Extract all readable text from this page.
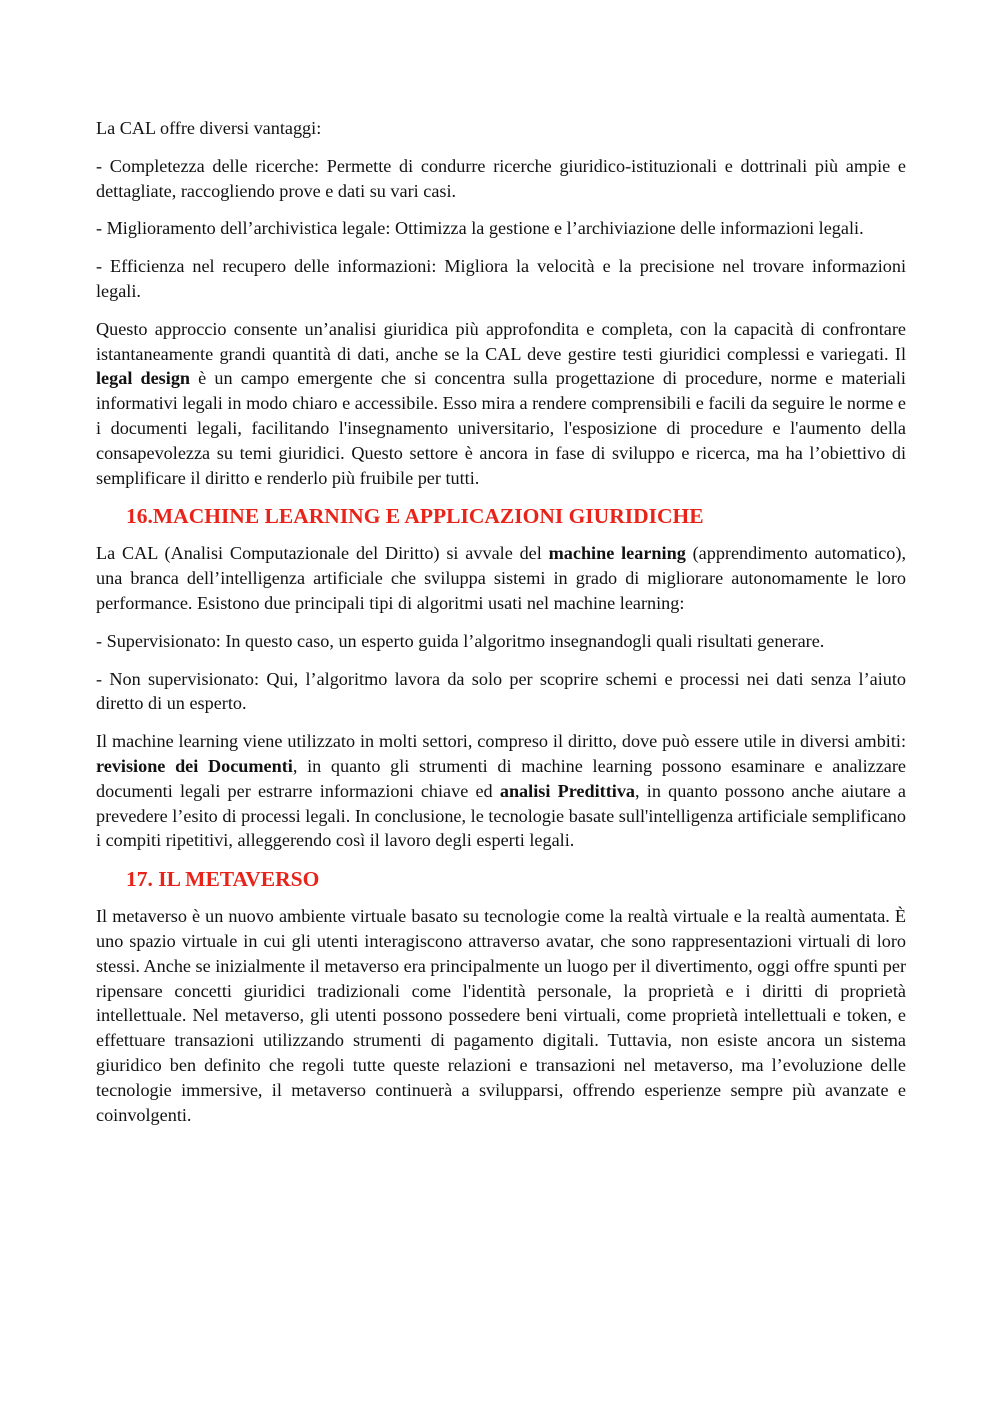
La CAL offre diversi vantaggi:

- Completezza delle ricerche: Permette di condurre ricerche giuridico-istituzionali e dottrinali più ampie e dettagliate, raccogliendo prove e dati su vari casi.

- Miglioramento dell’archivistica legale: Ottimizza la gestione e l’archiviazione delle informazioni legali.

- Efficienza nel recupero delle informazioni: Migliora la velocità e la precisione nel trovare informazioni legali.

Questo approccio consente un’analisi giuridica più approfondita e completa, con la capacità di confrontare istantaneamente grandi quantità di dati, anche se la CAL deve gestire testi giuridici complessi e variegati. Il legal design è un campo emergente che si concentra sulla progettazione di procedure, norme e materiali informativi legali in modo chiaro e accessibile. Esso mira a rendere comprensibili e facili da seguire le norme e i documenti legali, facilitando l'insegnamento universitario, l'esposizione di procedure e l'aumento della consapevolezza su temi giuridici. Questo settore è ancora in fase di sviluppo e ricerca, ma ha l’obiettivo di semplificare il diritto e renderlo più fruibile per tutti.

16.MACHINE LEARNING E APPLICAZIONI GIURIDICHE

La CAL (Analisi Computazionale del Diritto) si avvale del machine learning (apprendimento automatico), una branca dell’intelligenza artificiale che sviluppa sistemi in grado di migliorare autonomamente le loro performance. Esistono due principali tipi di algoritmi usati nel machine learning:

- Supervisionato: In questo caso, un esperto guida l’algoritmo insegnandogli quali risultati generare.

- Non supervisionato: Qui, l’algoritmo lavora da solo per scoprire schemi e processi nei dati senza l’aiuto diretto di un esperto.

Il machine learning viene utilizzato in molti settori, compreso il diritto, dove può essere utile in diversi ambiti: revisione dei Documenti, in quanto gli strumenti di machine learning possono esaminare e analizzare documenti legali per estrarre informazioni chiave ed analisi Predittiva, in quanto possono anche aiutare a prevedere l’esito di processi legali. In conclusione, le tecnologie basate sull'intelligenza artificiale semplificano i compiti ripetitivi, alleggerendo così il lavoro degli esperti legali.

17. IL METAVERSO

Il metaverso è un nuovo ambiente virtuale basato su tecnologie come la realtà virtuale e la realtà aumentata. È uno spazio virtuale in cui gli utenti interagiscono attraverso avatar, che sono rappresentazioni virtuali di loro stessi. Anche se inizialmente il metaverso era principalmente un luogo per il divertimento, oggi offre spunti per ripensare concetti giuridici tradizionali come l'identità personale, la proprietà e i diritti di proprietà intellettuale. Nel metaverso, gli utenti possono possedere beni virtuali, come proprietà intellettuali e token, e effettuare transazioni utilizzando strumenti di pagamento digitali. Tuttavia, non esiste ancora un sistema giuridico ben definito che regoli tutte queste relazioni e transazioni nel metaverso, ma l’evoluzione delle tecnologie immersive, il metaverso continuerà a svilupparsi, offrendo esperienze sempre più avanzate e coinvolgenti.
